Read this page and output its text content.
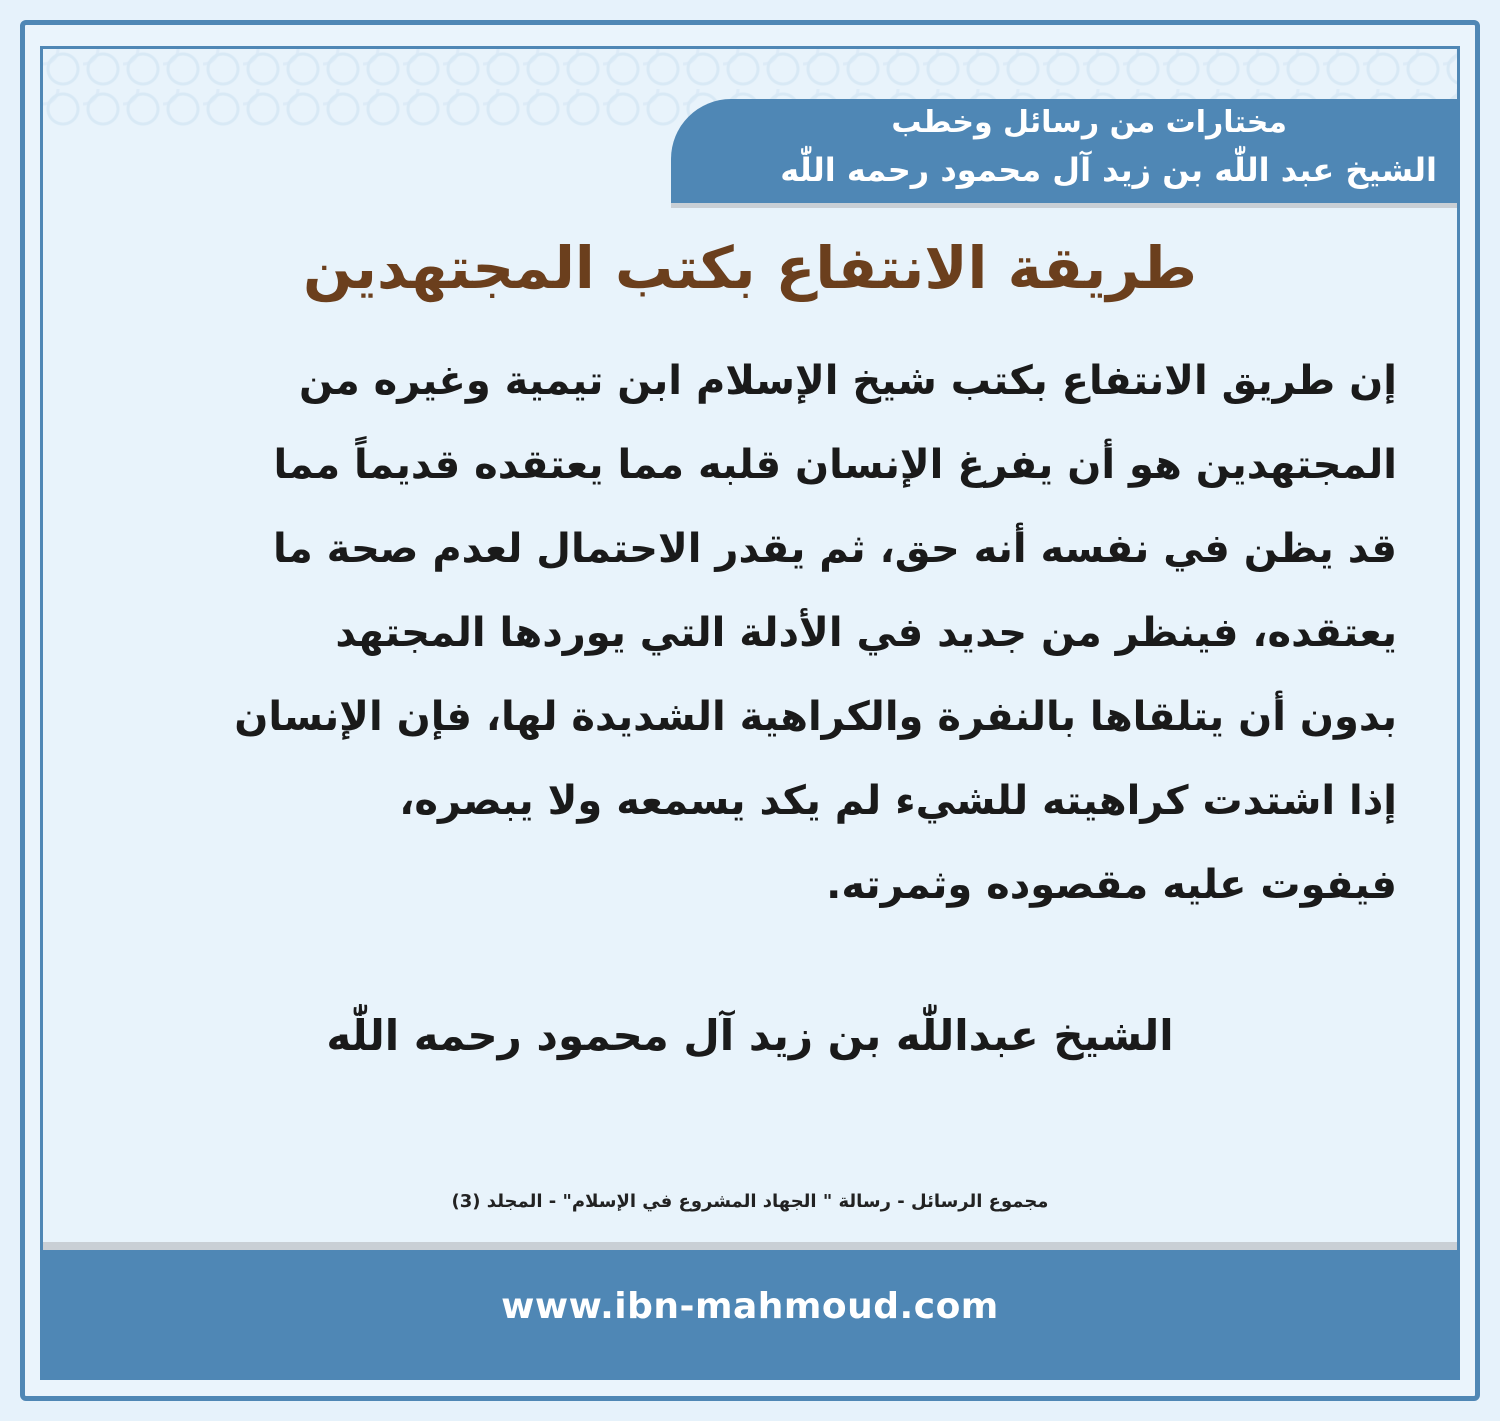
مختارات من رسائل وخطب
الشيخ عبد اللّٰه بن زيد آل محمود رحمه اللّٰه
طريقة الانتفاع بكتب المجتهدين
إن طريق الانتفاع بكتب شيخ الإسلام ابن تيمية وغيره من
المجتهدين هو أن يفرغ الإنسان قلبه مما يعتقده قديماً مما
قد يظن في نفسه أنه حق، ثم يقدر الاحتمال لعدم صحة ما
يعتقده، فينظر من جديد في الأدلة التي يوردها المجتهد
بدون أن يتلقاها بالنفرة والكراهية الشديدة لها، فإن الإنسان
إذا اشتدت كراهيته للشيء لم يكد يسمعه ولا يبصره،
فيفوت عليه مقصوده وثمرته.
الشيخ عبداللّٰه بن زيد آل محمود رحمه اللّٰه
مجموع الرسائل - رسالة " الجهاد المشروع في الإسلام" - المجلد (3)
www.ibn-mahmoud.com
